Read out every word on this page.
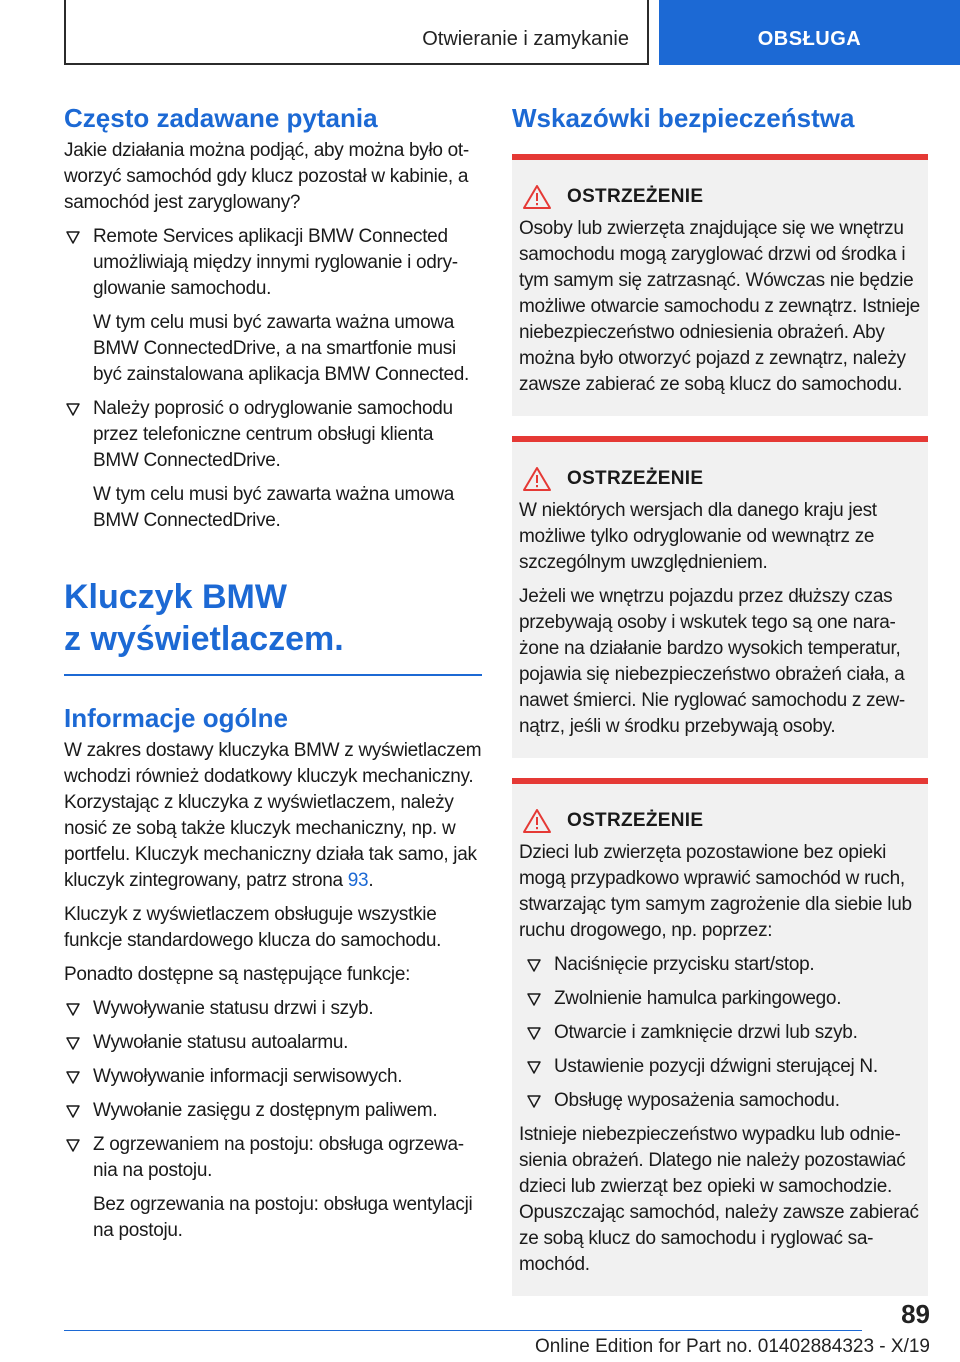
Otwieranie i zamykanie	OBSŁUGA
Często zadawane pytania

Jakie działania można podjąć, aby można było otworzyć samochód gdy klucz pozostał w kabinie, a samochód jest zaryglowany?

Remote Services aplikacji BMW Connected umożliwiają między innymi ryglowanie i odryglowanie samochodu.
W tym celu musi być zawarta ważna umowa BMW ConnectedDrive, a na smartfonie musi być zainstalowana aplikacja BMW Connected.
Należy poprosić o odryglowanie samochodu przez telefoniczne centrum obsługi klienta BMW ConnectedDrive.
W tym celu musi być zawarta ważna umowa BMW ConnectedDrive.
Kluczyk BMW
z wyświetlaczem.
Informacje ogólne

W zakres dostawy kluczyka BMW z wyświetlaczem wchodzi również dodatkowy kluczyk mechaniczny. Korzystając z kluczyka z wyświetlaczem, należy nosić ze sobą także kluczyk mechaniczny, np. w portfelu. Kluczyk mechaniczny działa tak samo, jak kluczyk zintegrowany, patrz strona 93.

Kluczyk z wyświetlaczem obsługuje wszystkie funkcje standardowego klucza do samochodu.

Ponadto dostępne są następujące funkcje:

Wywoływanie statusu drzwi i szyb.
Wywołanie statusu autoalarmu.
Wywoływanie informacji serwisowych.
Wywołanie zasięgu z dostępnym paliwem.
Z ogrzewaniem na postoju: obsługa ogrzewania na postoju.
Bez ogrzewania na postoju: obsługa wentylacji na postoju.
Wskazówki bezpieczeństwa
OSTRZEŻENIE

Osoby lub zwierzęta znajdujące się we wnętrzu samochodu mogą zaryglować drzwi od środka i tym samym się zatrzasnąć. Wówczas nie będzie możliwe otwarcie samochodu z zewnątrz. Istnieje niebezpieczeństwo odniesienia obrażeń. Aby można było otworzyć pojazd z zewnątrz, należy zawsze zabierać ze sobą klucz do samochodu.

OSTRZEŻENIE

W niektórych wersjach dla danego kraju jest możliwe tylko odryglowanie od wewnątrz ze szczególnym uwzględnieniem.

Jeżeli we wnętrzu pojazdu przez dłuższy czas przebywają osoby i wskutek tego są one narażone na działanie bardzo wysokich temperatur, pojawia się niebezpieczeństwo obrażeń ciała, a nawet śmierci. Nie ryglować samochodu z zewnątrz, jeśli w środku przebywają osoby.

OSTRZEŻENIE

Dzieci lub zwierzęta pozostawione bez opieki mogą przypadkowo wprawić samochód w ruch, stwarzając tym samym zagrożenie dla siebie lub ruchu drogowego, np. poprzez:

Naciśnięcie przycisku start/stop.
Zwolnienie hamulca parkingowego.
Otwarcie i zamknięcie drzwi lub szyb.
Ustawienie pozycji dźwigni sterującej N.
Obsługę wyposażenia samochodu.

Istnieje niebezpieczeństwo wypadku lub odniesienia obrażeń. Dlatego nie należy pozostawiać dzieci lub zwierząt bez opieki w samochodzie. Opuszczając samochód, należy zawsze zabierać ze sobą klucz do samochodu i ryglować samochód.

89
Online Edition for Part no. 01402884323 - X/19
